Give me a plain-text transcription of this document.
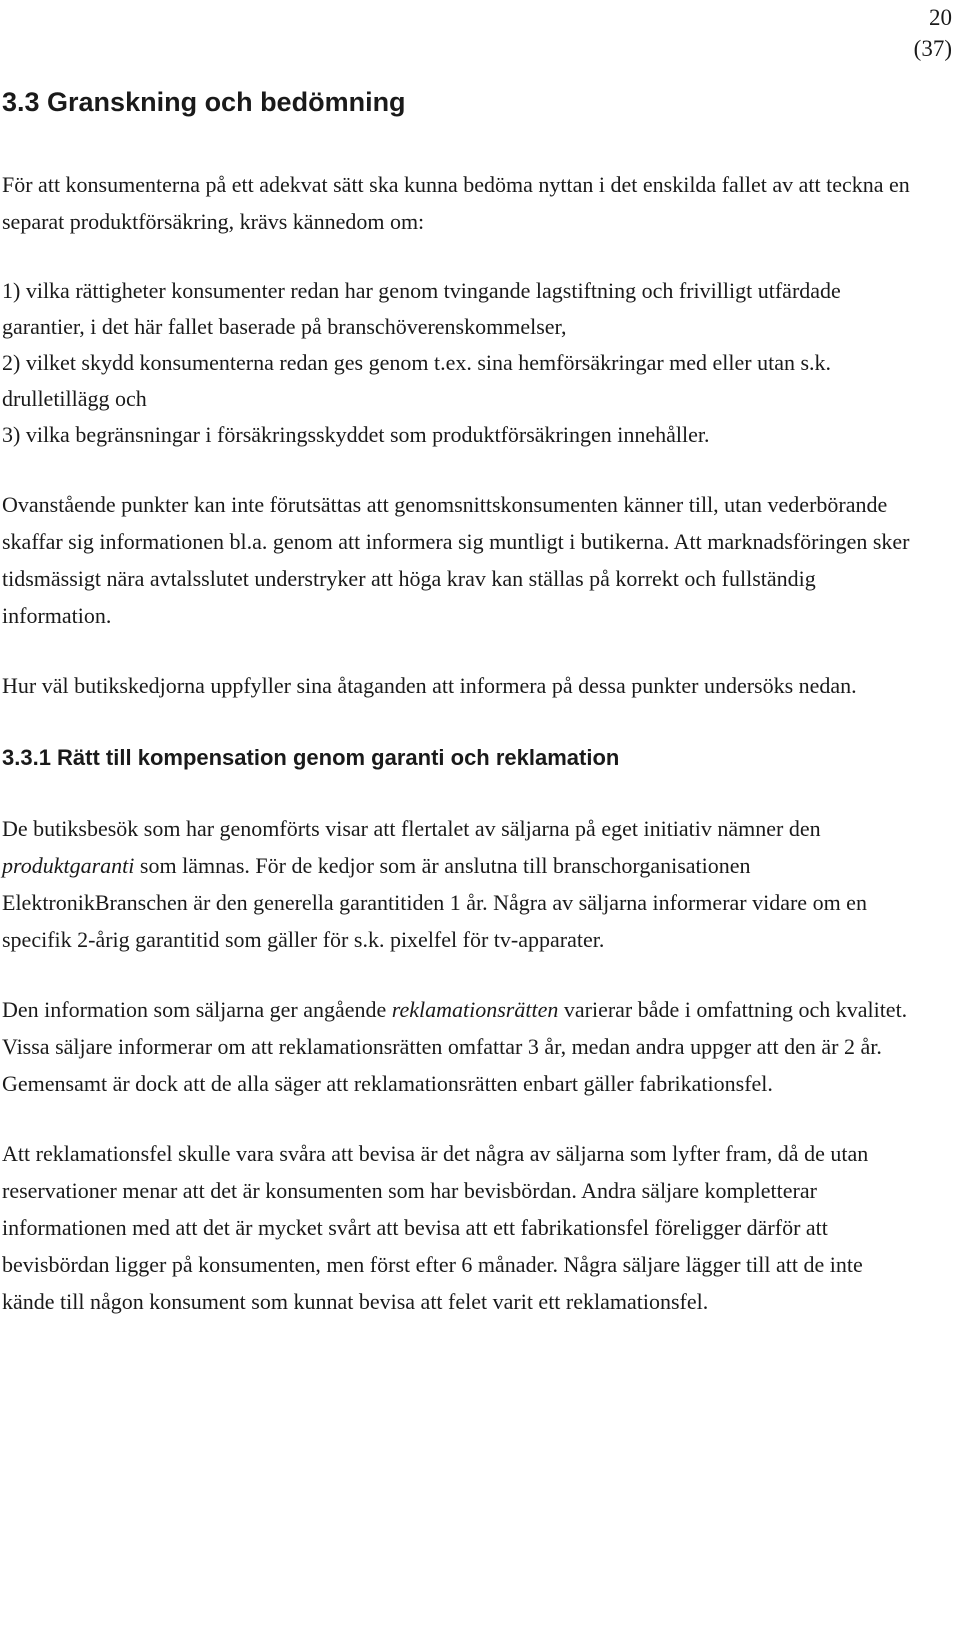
20
(37)
3.3 Granskning och bedömning

För att konsumenterna på ett adekvat sätt ska kunna bedöma nyttan i det enskilda fallet av att teckna en separat produktförsäkring, krävs kännedom om:

1) vilka rättigheter konsumenter redan har genom tvingande lagstiftning och frivilligt utfärdade garantier, i det här fallet baserade på branschöverenskommelser,

2) vilket skydd konsumenterna redan ges genom t.ex. sina hemförsäkringar med eller utan s.k. drulletillägg och

3) vilka begränsningar i försäkringsskyddet som produktförsäkringen innehåller.

Ovanstående punkter kan inte förutsättas att genomsnittskonsumenten känner till, utan vederbörande skaffar sig informationen bl.a. genom att informera sig muntligt i butikerna. Att marknadsföringen sker tidsmässigt nära avtalsslutet understryker att höga krav kan ställas på korrekt och fullständig information.

Hur väl butikskedjorna uppfyller sina åtaganden att informera på dessa punkter undersöks nedan.

3.3.1 Rätt till kompensation genom garanti och reklamation

De butiksbesök som har genomförts visar att flertalet av säljarna på eget initiativ nämner den produktgaranti som lämnas. För de kedjor som är anslutna till branschorganisationen ElektronikBranschen är den generella garantitiden 1 år. Några av säljarna informerar vidare om en specifik 2-årig garantitid som gäller för s.k. pixelfel för tv-apparater.

Den information som säljarna ger angående reklamationsrätten varierar både i omfattning och kvalitet. Vissa säljare informerar om att reklamationsrätten omfattar 3 år, medan andra uppger att den är 2 år. Gemensamt är dock att de alla säger att reklamationsrätten enbart gäller fabrikationsfel.

Att reklamationsfel skulle vara svåra att bevisa är det några av säljarna som lyfter fram, då de utan reservationer menar att det är konsumenten som har bevisbördan. Andra säljare kompletterar informationen med att det är mycket svårt att bevisa att ett fabrikationsfel föreligger därför att bevisbördan ligger på konsumenten, men först efter 6 månader. Några säljare lägger till att de inte kände till någon konsument som kunnat bevisa att felet varit ett reklamationsfel.
